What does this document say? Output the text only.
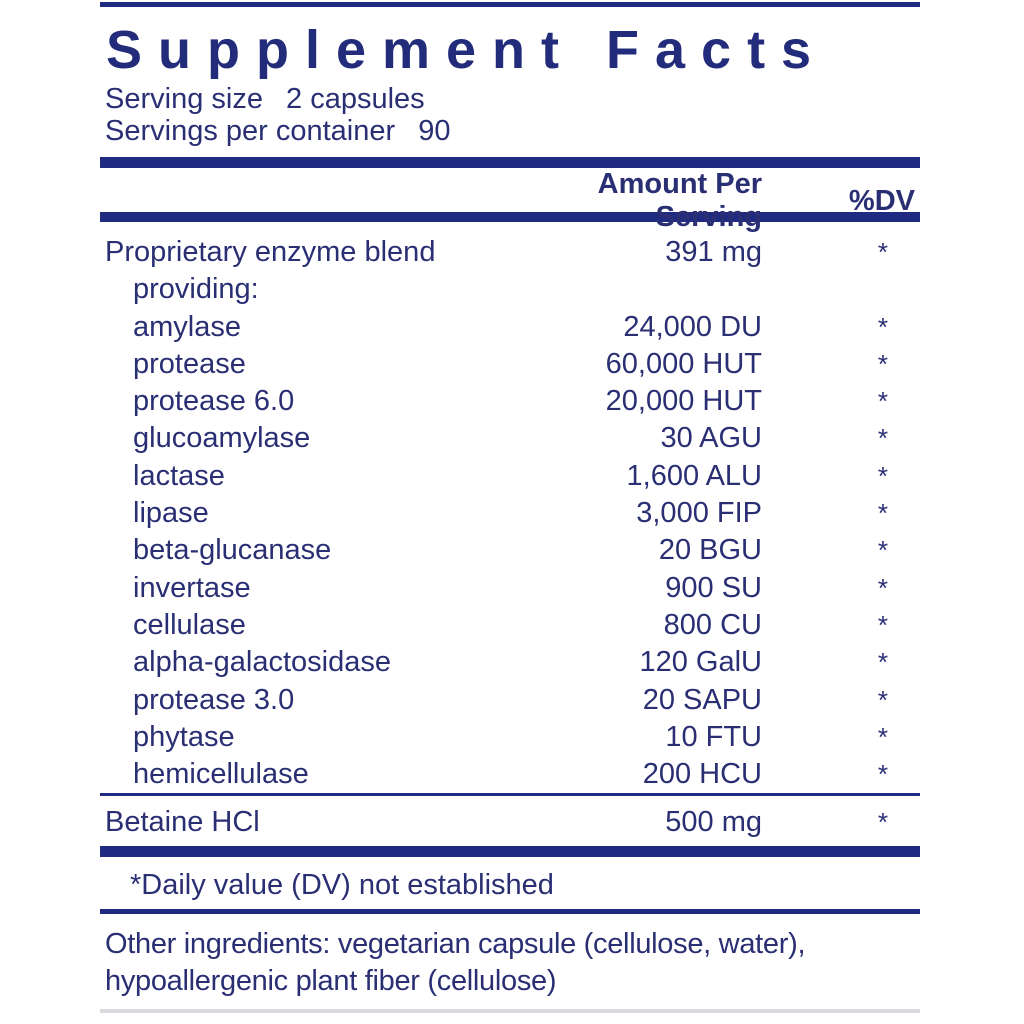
Supplement Facts
Serving size 2 capsules
Servings per container 90
Amount Per Serving
%DV
Proprietary enzyme blend	391 mg	*
providing:
amylase	24,000 DU	*
protease	60,000 HUT	*
protease 6.0	20,000 HUT	*
glucoamylase	30 AGU	*
lactase	1,600 ALU	*
lipase	3,000 FIP	*
beta-glucanase	20 BGU	*
invertase	900 SU	*
cellulase	800 CU	*
alpha-galactosidase	120 GalU	*
protease 3.0	20 SAPU	*
phytase	10 FTU	*
hemicellulase	200 HCU	*
Betaine HCl	500 mg	*
*Daily value (DV) not established
Other ingredients: vegetarian capsule (cellulose, water), hypoallergenic plant fiber (cellulose)
